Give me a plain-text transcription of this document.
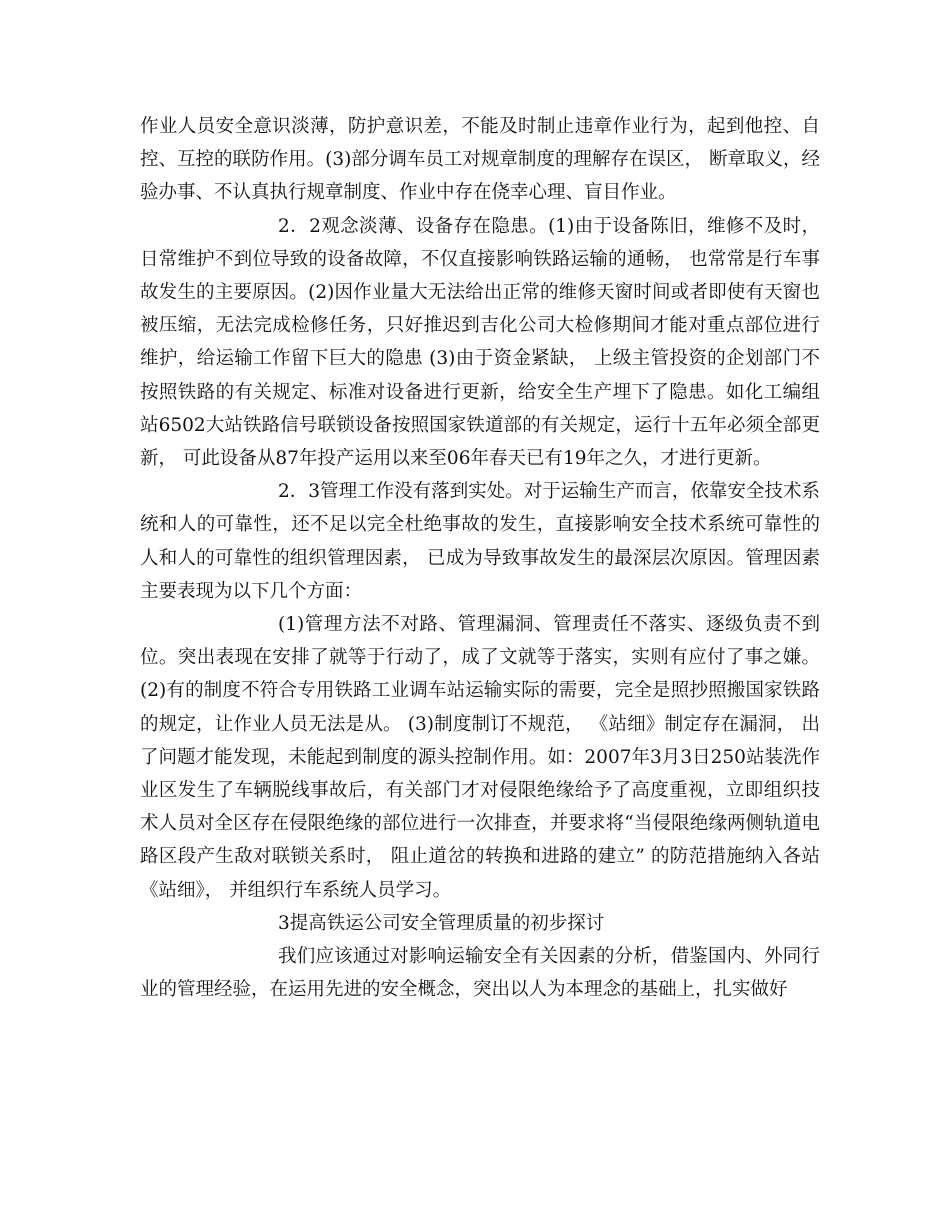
作业人员安全意识淡薄，防护意识差，不能及时制止违章作业行为，起到他控、自控、互控的联防作用。(3)部分调车员工对规章制度的理解存在误区， 断章取义，经验办事、不认真执行规章制度、作业中存在侥幸心理、盲目作业。

2．2观念淡薄、设备存在隐患。(1)由于设备陈旧，维修不及时，日常维护不到位导致的设备故障，不仅直接影响铁路运输的通畅， 也常常是行车事故发生的主要原因。(2)因作业量大无法给出正常的维修天窗时间或者即使有天窗也被压缩，无法完成检修任务，只好推迟到吉化公司大检修期间才能对重点部位进行维护，给运输工作留下巨大的隐患 (3)由于资金紧缺， 上级主管投资的企划部门不按照铁路的有关规定、标准对设备进行更新，给安全生产埋下了隐患。如化工编组站6502大站铁路信号联锁设备按照国家铁道部的有关规定，运行十五年必须全部更新， 可此设备从87年投产运用以来至06年春天已有19年之久，才进行更新。

2．3管理工作没有落到实处。对于运输生产而言，依靠安全技术系统和人的可靠性，还不足以完全杜绝事故的发生，直接影响安全技术系统可靠性的人和人的可靠性的组织管理因素， 已成为导致事故发生的最深层次原因。管理因素主要表现为以下几个方面：

(1)管理方法不对路、管理漏洞、管理责任不落实、逐级负责不到位。突出表现在安排了就等于行动了，成了文就等于落实，实则有应付了事之嫌。(2)有的制度不符合专用铁路工业调车站运输实际的需要，完全是照抄照搬国家铁路的规定，让作业人员无法是从。 (3)制度制订不规范， 《站细》制定存在漏洞， 出了问题才能发现，未能起到制度的源头控制作用。如：2007年3月3日250站装洗作业区发生了车辆脱线事故后，有关部门才对侵限绝缘给予了高度重视，立即组织技术人员对全区存在侵限绝缘的部位进行一次排查，并要求将“当侵限绝缘两侧轨道电路区段产生敌对联锁关系时， 阻止道岔的转换和进路的建立” 的防范措施纳入各站《站细》， 并组织行车系统人员学习。

3提高铁运公司安全管理质量的初步探讨

我们应该通过对影响运输安全有关因素的分析，借鉴国内、外同行业的管理经验，在运用先进的安全概念，突出以人为本理念的基础上，扎实做好
